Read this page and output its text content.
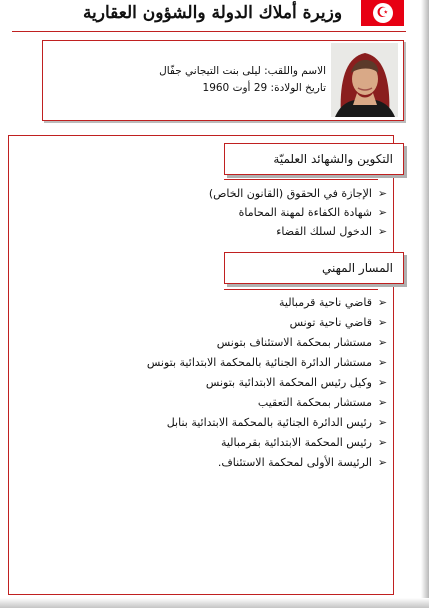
☪
وزيرة أملاك الدولة والشؤون العقارية
الاسم واللقب: ليلى بنت التيجاني جفّال
تاريخ الولادة: 29 أوت 1960
التكوين والشهائد العلميّة
➢
الإجازة في الحقوق (القانون الخاص)
➢
شهادة الكفاءة لمهنة المحاماة
➢
الدخول لسلك القضاء
المسار المهني
➢
قاضي ناحية قرمبالية
➢
قاضي ناحية تونس
➢
مستشار بمحكمة الاستئناف بتونس
➢
مستشار الدائرة الجنائية بالمحكمة الابتدائية بتونس
➢
وكيل رئيس المحكمة الابتدائية بتونس
➢
مستشار بمحكمة التعقيب
➢
رئيس الدائرة الجنائية بالمحكمة الابتدائية بنابل
➢
رئيس المحكمة الابتدائية بقرمبالية
➢
الرئيسة الأولى لمحكمة الاستئناف.
